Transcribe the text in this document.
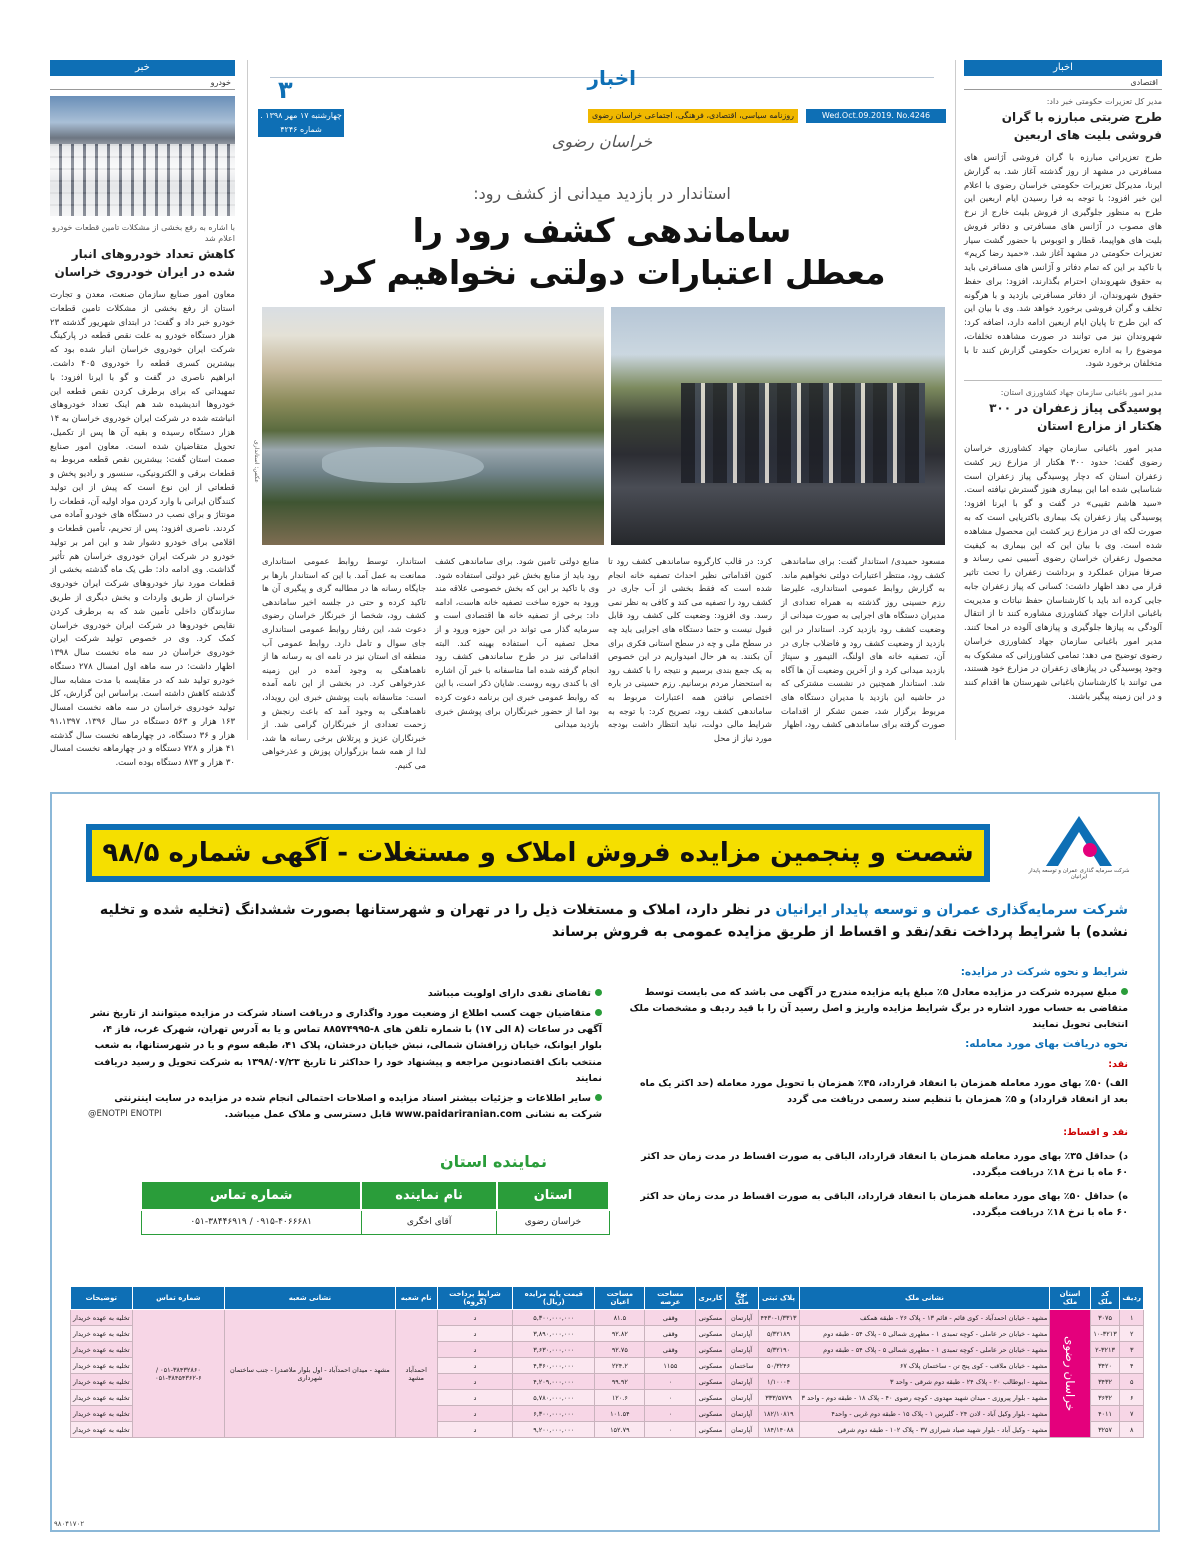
اخبار
۳
چهارشنبه ۱۷ مهر ۱۳۹۸ . شماره ۴۲۴۶
روزنامه سیاسی، اقتصادی، فرهنگی، اجتماعی خراسان رضوی	Wed.Oct.09.2019. No.4246
خراسان رضوی
استاندار در بازدید میدانی از کشف رود:
ساماندهی کشف رود را
معطل اعتبارات دولتی نخواهیم کرد
عکس: استانداری
مسعود حمیدی/ استاندار گفت: برای ساماندهی کشف رود، منتظر اعتبارات دولتی نخواهیم ماند. به گزارش روابط عمومی استانداری، علیرضا رزم حسینی روز گذشته به همراه تعدادی از مدیران دستگاه های اجرایی به صورت میدانی از وضعیت کشف رود بازدید کرد. استاندار در این بازدید از وضعیت کشف رود و فاضلاب جاری در آن، تصفیه خانه های اولنگ، التیمور و سپتاژ بازدید میدانی کرد و از آخرین وضعیت آن ها آگاه شد. استاندار همچنین در نشست مشترکی که در حاشیه این بازدید با مدیران دستگاه های مربوط برگزار شد، ضمن تشکر از اقدامات صورت گرفته برای ساماندهی کشف رود، اظهار
کرد: در قالب کارگروه ساماندهی کشف رود تا کنون اقداماتی نظیر احداث تصفیه خانه انجام شده است که فقط بخشی از آب جاری در کشف رود را تصفیه می کند و کافی به نظر نمی رسد. وی افزود: وضعیت کلی کشف رود قابل قبول نیست و حتما دستگاه های اجرایی باید چه در سطح ملی و چه در سطح استانی فکری برای آن بکنند. به هر حال امیدواریم در این خصوص به یک جمع بندی برسیم و نتیجه را با کشف رود به استحضار مردم برسانیم. رزم حسینی در باره اختصاص نیافتن همه اعتبارات مربوط به ساماندهی کشف رود، تصریح کرد: با توجه به شرایط مالی دولت، نباید انتظار داشت بودجه مورد نیاز از محل
منابع دولتی تامین شود. برای ساماندهی کشف رود باید از منابع بخش غیر دولتی استفاده شود. وی با تاکید بر این که بخش خصوصی علاقه مند ورود به حوزه ساخت تصفیه خانه هاست، ادامه داد: برخی از تصفیه خانه ها اقتصادی است و سرمایه گذار می تواند در این حوزه ورود و از محل تصفیه آب استفاده بهینه کند. البته اقداماتی نیز در طرح ساماندهی کشف رود انجام گرفته شده اما متاسفانه با خبر آن اشاره ای با کندی روبه روست. شایان ذکر است، با این که روابط عمومی خبری این برنامه دعوت کرده بود اما از حضور خبرنگاران برای پوشش خبری بازدید میدانی
استاندار، توسط روابط عمومی استانداری ممانعت به عمل آمد. با این که استاندار بارها بر جایگاه رسانه ها در مطالبه گری و پیگیری آن ها تاکید کرده و حتی در جلسه اخیر ساماندهی کشف رود، شخصا از خبرنگار خراسان رضوی دعوت شد، این رفتار روابط عمومی استانداری جای سوال و تامل دارد. روابط عمومی آب منطقه ای استان نیز در نامه ای به رسانه ها از ناهماهنگی به وجود آمده در این زمینه عذرخواهی کرد. در بخشی از این نامه آمده است: متاسفانه بابت پوشش خبری این رویداد، ناهماهنگی به وجود آمد که باعث رنجش و زحمت تعدادی از خبرنگاران گرامی شد. از خبرنگاران عزیز و پرتلاش برخی رسانه ها شد، لذا از همه شما بزرگواران پوزش و عذرخواهی می کنیم.
خبر
خودرو
با اشاره به رفع بخشی از مشکلات تامین قطعات خودرو اعلام شد
کاهش تعداد خودروهای انبار شده در ایران خودروی خراسان
معاون امور صنایع سازمان صنعت، معدن و تجارت استان از رفع بخشی از مشکلات تامین قطعات خودرو خبر داد و گفت: در ابتدای شهریور گذشته ۲۳ هزار دستگاه خودرو به علت نقص قطعه در پارکینگ شرکت ایران خودروی خراسان انبار شده بود که بیشترین کسری قطعه را خودروی ۴۰۵ داشت. ابراهیم ناصری در گفت و گو با ایرنا افزود: با تمهیداتی که برای برطرف کردن نقص قطعه این خودروها اندیشیده شد هم اینک تعداد خودروهای انباشته شده در شرکت ایران خودروی خراسان به ۱۴ هزار دستگاه رسیده و بقیه آن ها پس از تکمیل، تحویل متقاضیان شده است. معاون امور صنایع صمت استان گفت: بیشترین نقص قطعه مربوط به قطعات برقی و الکترونیکی، سنسور و رادیو پخش و قطعاتی از این نوع است که پیش از این تولید کنندگان ایرانی با وارد کردن مواد اولیه آن، قطعات را مونتاژ و برای نصب در دستگاه های خودرو آماده می کردند. ناصری افزود: پس از تحریم، تأمین قطعات و اقلامی برای خودرو دشوار شد و این امر بر تولید خودرو در شرکت ایران خودروی خراسان هم تأثیر گذاشت. وی ادامه داد: طی یک ماه گذشته بخشی از قطعات مورد نیاز خودروهای شرکت ایران خودروی خراسان از طریق واردات و بخش دیگری از طریق سازندگان داخلی تأمین شد که به برطرف کردن نقایص خودروها در شرکت ایران خودروی خراسان کمک کرد. وی در خصوص تولید شرکت ایران خودروی خراسان در سه ماه نخست سال ۱۳۹۸ اظهار داشت: در سه ماهه اول امسال ۲۷۸ دستگاه خودرو تولید شد که در مقایسه با مدت مشابه سال گذشته کاهش داشته است. براساس این گزارش، کل تولید خودروی خراسان در سه ماهه نخست امسال ۱۶۳ هزار و ۵۶۳ دستگاه در سال ۱۳۹۶، ۹۱،۱۳۹۷ هزار و ۳۶ دستگاه، در چهارماهه نخست سال گذشته ۴۱ هزار و ۷۲۸ دستگاه و در چهارماهه نخست امسال ۳۰ هزار و ۸۷۳ دستگاه بوده است.
اخبار
اقتصادی
مدیر کل تعزیرات حکومتی خبر داد:
طرح ضربتی مبارزه با گران فروشی بلیت های اربعین
طرح تعزیراتی مبارزه با گران فروشی آژانس های مسافرتی در مشهد از روز گذشته آغاز شد. به گزارش ایرنا، مدیرکل تعزیرات حکومتی خراسان رضوی با اعلام این خبر افزود: با توجه به فرا رسیدن ایام اربعین این طرح به منظور جلوگیری از فروش بلیت خارج از نرخ های مصوب در آژانس های مسافرتی و دفاتر فروش بلیت های هواپیما، قطار و اتوبوس با حضور گشت سیار تعزیرات حکومتی در مشهد آغاز شد. «حمید رضا کریم» با تاکید بر این که تمام دفاتر و آژانس های مسافرتی باید به حقوق شهروندان احترام بگذارند، افزود: برای حفظ حقوق شهروندان، از دفاتر مسافرتی بازدید و با هرگونه تخلف و گران فروشی برخورد خواهد شد. وی با بیان این که این طرح تا پایان ایام اربعین ادامه دارد، اضافه کرد: شهروندان نیز می توانند در صورت مشاهده تخلفات، موضوع را به اداره تعزیرات حکومتی گزارش کنند تا با متخلفان برخورد شود.
مدیر امور باغبانی سازمان جهاد کشاورزی استان:
پوسیدگی پیاز زعفران در ۳۰۰ هکتار از مزارع استان
مدیر امور باغبانی سازمان جهاد کشاورزی خراسان رضوی گفت: حدود ۳۰۰ هکتار از مزارع زیر کشت زعفران استان که دچار پوسیدگی پیاز زعفران است شناسایی شده اما این بیماری هنوز گسترش نیافته است. «سید هاشم تقیبی» در گفت و گو با ایرنا افزود: پوسیدگی پیاز زعفران یک بیماری باکتریایی است که به صورت لکه ای در مزارع زیر کشت این محصول مشاهده شده است. وی با بیان این که این بیماری به کیفیت محصول زعفران خراسان رضوی آسیبی نمی رساند و صرفا میزان عملکرد و برداشت زعفران را تحت تاثیر قرار می دهد اظهار داشت: کسانی که پیاز زعفران جابه جایی کرده اند باید با کارشناسان حفظ نباتات و مدیریت باغبانی ادارات جهاد کشاورزی مشاوره کنند تا از انتقال آلودگی به پیازها جلوگیری و پیازهای آلوده در امحا کنند. مدیر امور باغبانی سازمان جهاد کشاورزی خراسان رضوی توضیح می دهد: تمامی کشاورزانی که مشکوک به وجود پوسیدگی در پیازهای زعفران در مزارع خود هستند، می توانند با کارشناسان باغبانی شهرستان ها اقدام کنند و در این زمینه پیگیر باشند.
شرکت سرمایه گذاری عمران و توسعه پایدار ایرانیان
شصت و پنجمین مزایده فروش املاک و مستغلات - آگهی شماره ۹۸/۵
شرکت سرمایه‌گذاری عمران و توسعه پایدار ایرانیان در نظر دارد، املاک و مستغلات ذیل را در تهران و شهرستانها بصورت ششدانگ (تخلیه شده و تخلیه نشده) با شرایط پرداخت نقد/نقد و اقساط از طریق مزایده عمومی به فروش برساند

شرایط و نحوه شرکت در مزایده:

مبلغ سپرده شرکت در مزایده معادل ۵٪ مبلغ پایه مزایده مندرج در آگهی می باشد که می بایست توسط متقاضی به حساب مورد اشاره در برگ شرایط مزایده واریز و اصل رسید آن را با قید ردیف و مشخصات ملک انتخابی تحویل نمایند

نحوه دریافت بهای مورد معامله:

نقد:

الف) ۵۰٪ بهای مورد معامله همزمان با انعقاد قرارداد، ۴۵٪ همزمان با تحویل مورد معامله (حد اکثر یک ماه بعد از انعقاد قرارداد) و ۵٪ همزمان با تنظیم سند رسمی دریافت می گردد

نقد و اقساط:

د) حداقل ۳۵٪ بهای مورد معامله همزمان با انعقاد قرارداد، الباقی به صورت اقساط در مدت زمان حد اکثر ۶۰ ماه با نرخ ۱۸٪ دریافت میگردد.

ه) حداقل ۵۰٪ بهای مورد معامله همزمان با انعقاد قرارداد، الباقی به صورت اقساط در مدت زمان حد اکثر ۶۰ ماه با نرخ ۱۸٪ دریافت میگردد.

تقاضای نقدی دارای اولویت میباشد

متقاضیان جهت کسب اطلاع از وضعیت مورد واگذاری و دریافت اسناد شرکت در مزایده میتوانند از تاریخ نشر آگهی در ساعات (۸ الی ۱۷) با شماره تلفن های ۸-۸۸۵۷۴۹۹۵ تماس و یا به آدرس تهران، شهرک غرب، فاز ۴، بلوار ایوانک، خیابان زرافشان شمالی، نبش خیابان درخشان، پلاک ۴۱، طبقه سوم و یا در شهرستانها، به شعب منتخب بانک اقتصادنوین مراجعه و پیشنهاد خود را حداکثر تا تاریخ ۱۳۹۸/۰۷/۲۳ به شرکت تحویل و رسید دریافت نمایند

سایر اطلاعات و جزئیات بیشتر اسناد مزایده و اصلاحات احتمالی انجام شده در مزایده در سایت اینترنتی شرکت به نشانی www.paidariranian.com قابل دسترسی و ملاک عمل میباشد.

@ENOTPI ENOTPI
نماینده استان
استان	نام نماینده	شماره تماس
خراسان رضوی	آقای اخگری	۰۹۱۵-۴۰۶۶۶۸۱ / ۰۵۱-۳۸۴۴۶۹۱۹
ردیف	کد ملک	استان ملک	نشانی ملک	پلاک ثبتی	نوع ملک	کاربری	مساحت عرصه	مساحت اعیان	قیمت پایه مزایده (ریال)	شرایط پرداخت (گروه)	نام شعبه	نشانی شعبه	شماره تماس	توضیحات
۱	۳۰۷۵	خراسان رضوی	مشهد - خیابان احمدآباد - کوی قائم - قائم ۱۳ - پلاک ۲۶ - طبقه همکف	۴۴۳۰-۱/۳۳۱۳	آپارتمان	مسکونی	وقفی	۸۱.۵	۵,۳۰۰,۰۰۰,۰۰۰	د	احمدآباد مشهد	مشهد - میدان احمدآباد - اول بلوار ملاصدرا - جنب ساختمان شهرداری	۰۵۱-۳۸۴۳۲۸۶۰ / ۰۵۱-۳۸۴۵۴۳۶۲-۶	تخلیه به عهده خریدار
۲	۱۰-۳۲۱۳		مشهد - خیابان حر عاملی - کوچه تمبدی ۱ - مطهری شمالی ۵ - پلاک ۵۴ - طبقه دوم	۵/۳۲۱۸۹	آپارتمان	مسکونی	وقفی	۹۲.۸۲	۳,۸۹۰,۰۰۰,۰۰۰	د				تخلیه به عهده خریدار
۳	۲-۳۲۱۳		مشهد - خیابان حر عاملی - کوچه تمبدی ۱ - مطهری شمالی ۵ - پلاک ۵۴ - طبقه دوم	۵/۳۲۱۹۰	آپارتمان	مسکونی	وقفی	۹۲.۷۵	۳,۶۳۰,۰۰۰,۰۰۰	د				تخلیه به عهده خریدار
۴	۳۴۲۰		مشهد - خیابان ملاقب - کوی پنج تن - ساختمان پلاک ۶۷	۵۰/۳۲۴۶	ساختمان	مسکونی	۱۱۵۵	۲۲۴.۲	۴,۳۶۰,۰۰۰,۰۰۰	د				تخلیه به عهده خریدار
۵	۳۴۳۲		مشهد - ابوطالب ۲۰ - پلاک ۲۴ - طبقه دوم شرقی - واحد ۳	۱/۱۰۰۰۴	آپارتمان	مسکونی	۰	۹۹.۹۲	۴,۲۰۹,۰۰۰,۰۰۰	د				تخلیه به عهده خریدار
۶	۳۶۳۲		مشهد - بلوار پیروزی - میدان شهید مهدوی - کوچه رضوی ۴۰ - پلاک ۱۸ - طبقه دوم - واحد ۳	۳۳۳/۵۷۷۹	آپارتمان	مسکونی	۰	۱۲۰.۶	۵,۷۸۰,۰۰۰,۰۰۰	د				تخلیه به عهده خریدار
۷	۴۰۱۱		مشهد - بلوار وکیل آباد - لادن ۲۴ - گلبرس ۱ - پلاک ۱۵ - طبقه دوم غربی - واحد۴	۱۸۲/۱۰۸۱۹	آپارتمان	مسکونی	۰	۱۰۱.۵۴	۶,۳۰۰,۰۰۰,۰۰۰	د				تخلیه به عهده خریدار
۸	۳۲۵۷		مشهد - وکیل آباد - بلوار شهید صیاد شیرازی ۳۷ - پلاک ۱۰۲ - طبقه دوم شرقی	۱۸۴/۱۴۰۸۸	آپارتمان	مسکونی	۰	۱۵۲.۷۹	۹,۲۰۰,۰۰۰,۰۰۰	د				تخلیه به عهده خریدار
۹۸۰۴۱۷۰۲
